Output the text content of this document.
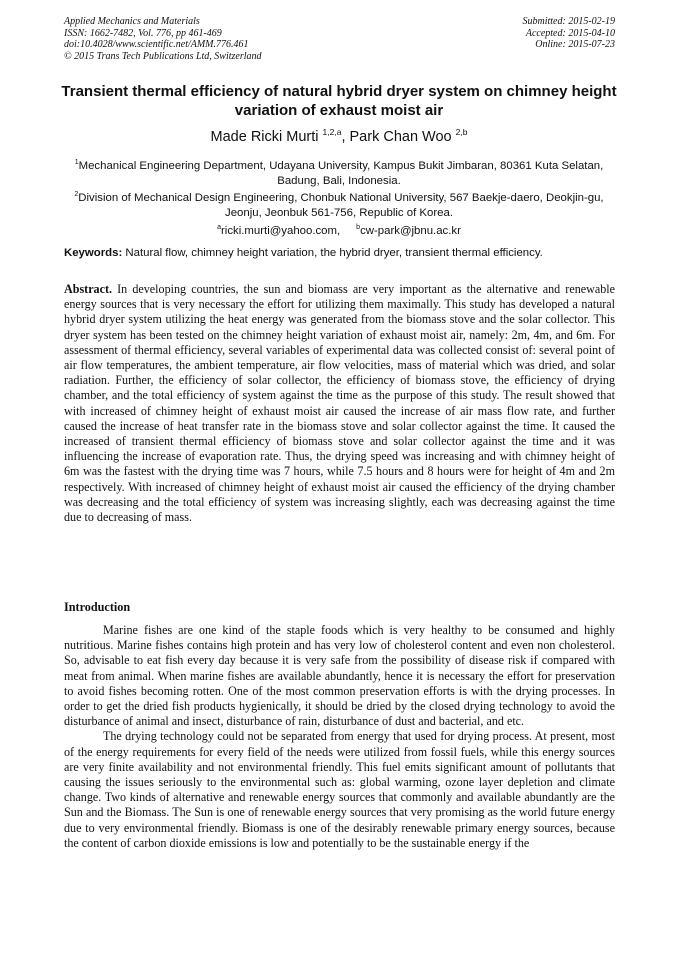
Applied Mechanics and Materials
ISSN: 1662-7482, Vol. 776, pp 461-469
doi:10.4028/www.scientific.net/AMM.776.461
© 2015 Trans Tech Publications Ltd, Switzerland
Submitted: 2015-02-19
Accepted: 2015-04-10
Online: 2015-07-23
Transient thermal efficiency of natural hybrid dryer system on chimney height variation of exhaust moist air
Made Ricki Murti $^{1,2,a}$, Park Chan Woo $^{2,b}$
$^1$Mechanical Engineering Department, Udayana University, Kampus Bukit Jimbaran, 80361 Kuta Selatan, Badung, Bali, Indonesia.
$^2$Division of Mechanical Design Engineering, Chonbuk National University, 567 Baekje-daero, Deokjin-gu, Jeonju, Jeonbuk 561-756, Republic of Korea.
$^a$ricki.murti@yahoo.com, $^b$cw-park@jbnu.ac.kr
Keywords: Natural flow, chimney height variation, the hybrid dryer, transient thermal efficiency.
Abstract. In developing countries, the sun and biomass are very important as the alternative and renewable energy sources that is very necessary the effort for utilizing them maximally. This study has developed a natural hybrid dryer system utilizing the heat energy was generated from the biomass stove and the solar collector. This dryer system has been tested on the chimney height variation of exhaust moist air, namely: 2m, 4m, and 6m. For assessment of thermal efficiency, several variables of experimental data was collected consist of: several point of air flow temperatures, the ambient temperature, air flow velocities, mass of material which was dried, and solar radiation. Further, the efficiency of solar collector, the efficiency of biomass stove, the efficiency of drying chamber, and the total efficiency of system against the time as the purpose of this study. The result showed that with increased of chimney height of exhaust moist air caused the increase of air mass flow rate, and further caused the increase of heat transfer rate in the biomass stove and solar collector against the time. It caused the increased of transient thermal efficiency of biomass stove and solar collector against the time and it was influencing the increase of evaporation rate. Thus, the drying speed was increasing and with chimney height of 6m was the fastest with the drying time was 7 hours, while 7.5 hours and 8 hours were for height of 4m and 2m respectively. With increased of chimney height of exhaust moist air caused the efficiency of the drying chamber was decreasing and the total efficiency of system was increasing slightly, each was decreasing against the time due to decreasing of mass.
Introduction

Marine fishes are one kind of the staple foods which is very healthy to be consumed and highly nutritious. Marine fishes contains high protein and has very low of cholesterol content and even non cholesterol. So, advisable to eat fish every day because it is very safe from the possibility of disease risk if compared with meat from animal. When marine fishes are available abundantly, hence it is necessary the effort for preservation to avoid fishes becoming rotten. One of the most common preservation efforts is with the drying processes. In order to get the dried fish products hygienically, it should be dried by the closed drying technology to avoid the disturbance of animal and insect, disturbance of rain, disturbance of dust and bacterial, and etc.

The drying technology could not be separated from energy that used for drying process. At present, most of the energy requirements for every field of the needs were utilized from fossil fuels, while this energy sources are very finite availability and not environmental friendly. This fuel emits significant amount of pollutants that causing the issues seriously to the environmental such as: global warming, ozone layer depletion and climate change. Two kinds of alternative and renewable energy sources that commonly and available abundantly are the Sun and the Biomass. The Sun is one of renewable energy sources that very promising as the world future energy due to very environmental friendly. Biomass is one of the desirably renewable primary energy sources, because the content of carbon dioxide emissions is low and potentially to be the sustainable energy if the
